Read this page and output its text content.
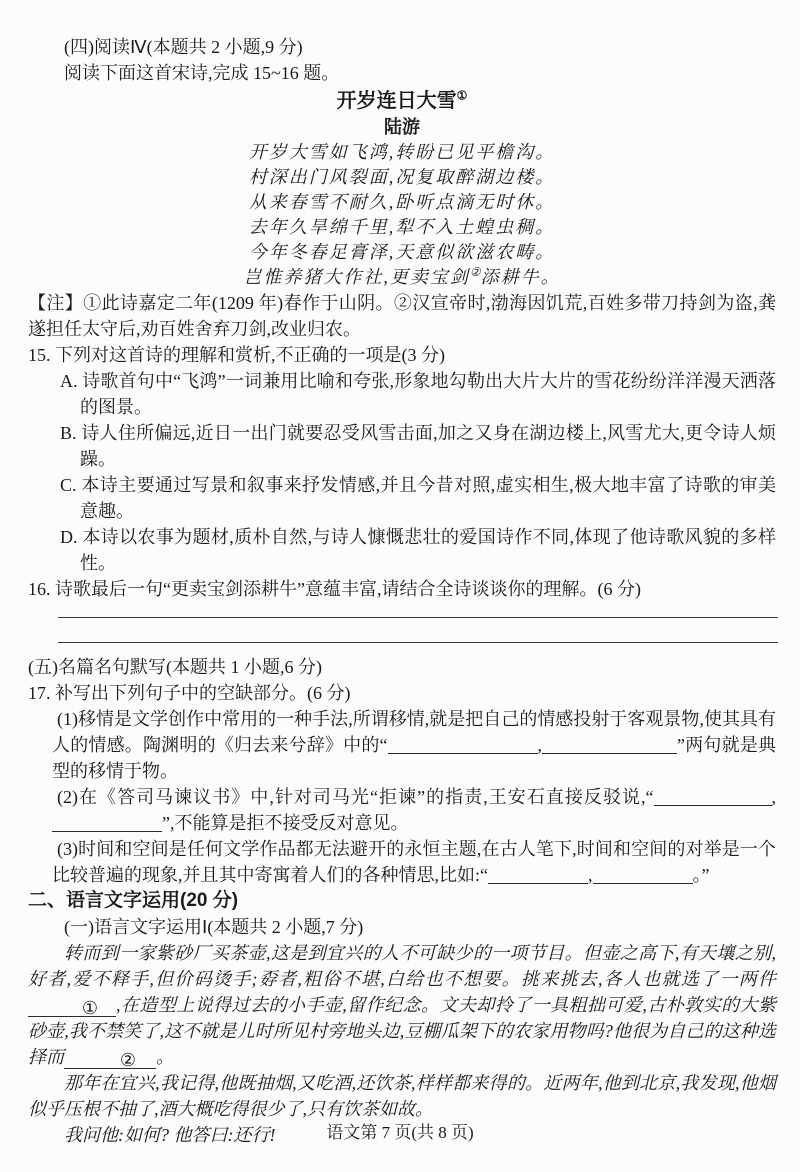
(四)阅读Ⅳ(本题共 2 小题,9 分)

阅读下面这首宋诗,完成 15~16 题。

开岁连日大雪①
陆游
开岁大雪如飞鸿,转盼已见平檐沟。
村深出门风裂面,况复取醉湖边楼。
从来春雪不耐久,卧听点滴无时休。
去年久旱绵千里,犁不入土蝗虫稠。
今年冬春足膏泽,天意似欲滋农畴。
岂惟养猪大作社,更卖宝剑②添耕牛。

【注】①此诗嘉定二年(1209 年)春作于山阴。②汉宣帝时,渤海因饥荒,百姓多带刀持剑为盗,龚遂担任太守后,劝百姓舍弃刀剑,改业归农。

15. 下列对这首诗的理解和赏析,不正确的一项是(3 分)

A. 诗歌首句中“飞鸿”一词兼用比喻和夸张,形象地勾勒出大片大片的雪花纷纷洋洋漫天洒落的图景。

B. 诗人住所偏远,近日一出门就要忍受风雪击面,加之又身在湖边楼上,风雪尤大,更令诗人烦躁。

C. 本诗主要通过写景和叙事来抒发情感,并且今昔对照,虚实相生,极大地丰富了诗歌的审美意趣。

D. 本诗以农事为题材,质朴自然,与诗人慷慨悲壮的爱国诗作不同,体现了他诗歌风貌的多样性。

16. 诗歌最后一句“更卖宝剑添耕牛”意蕴丰富,请结合全诗谈谈你的理解。(6 分)

(五)名篇名句默写(本题共 1 小题,6 分)

17. 补写出下列句子中的空缺部分。(6 分)

(1)移情是文学创作中常用的一种手法,所谓移情,就是把自己的情感投射于客观景物,使其具有人的情感。陶渊明的《归去来兮辞》中的“	,	”两句就是典型的移情于物。

(2)在《答司马谏议书》中,针对司马光“拒谏”的指责,王安石直接反驳说,“	,”,不能算是拒不接受反对意见。

(3)时间和空间是任何文学作品都无法避开的永恒主题,在古人笔下,时间和空间的对举是一个比较普遍的现象,并且其中寄寓着人们的各种情思,比如:“	,	。”

二、语言文字运用(20 分)

(一)语言文字运用Ⅰ(本题共 2 小题,7 分)

转而到一家紫砂厂买茶壶,这是到宜兴的人不可缺少的一项节目。但壶之高下,有天壤之别,好者,爱不释手,但价码烫手;孬者,粗俗不堪,白给也不想要。挑来挑去,各人也就选了一两件① ,在造型上说得过去的小手壶,留作纪念。文夫却拎了一具粗拙可爱,古朴敦实的大紫砂壶,我不禁笑了,这不就是儿时所见村旁地头边,豆棚瓜架下的农家用物吗?他很为自己的这种选择而	② 。

那年在宜兴,我记得,他既抽烟,又吃酒,还饮茶,样样都来得的。近两年,他到北京,我发现,他烟似乎压根不抽了,酒大概吃得很少了,只有饮茶如故。

我问他:如何? 他答曰:还行!	语文第 7 页(共 8 页)
